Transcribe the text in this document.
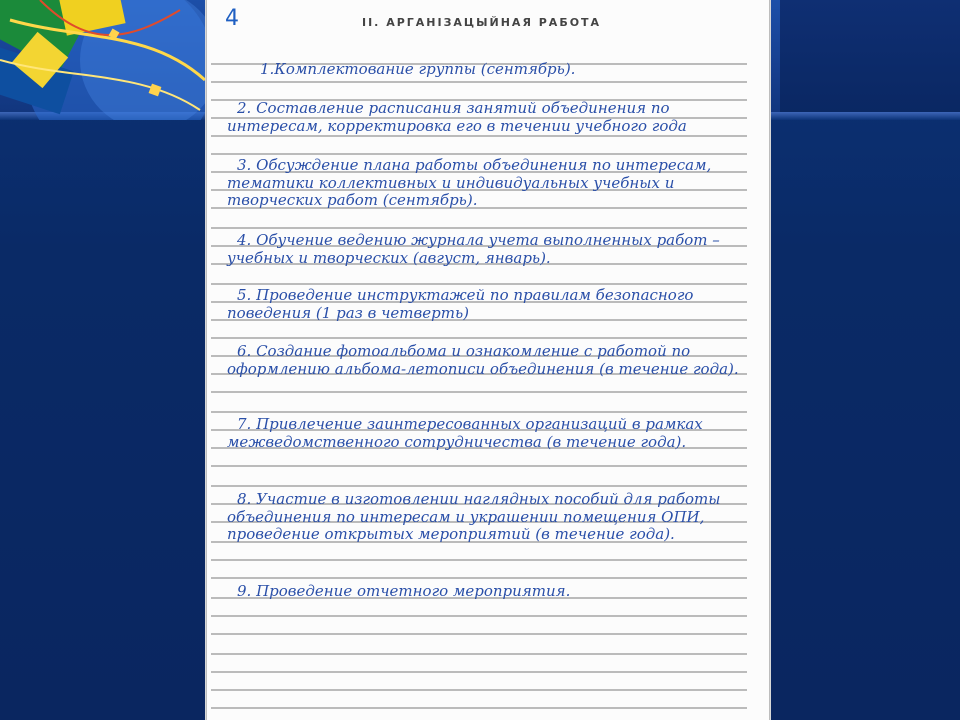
4	II. АРГАНІЗАЦЫЙНАЯ РАБОТА
1.Комплектование группы (сентябрь).
2. Составление расписания занятий объединения по интересам, корректировка его в течении учебного года
3. Обсуждение плана работы объединения по интересам, тематики коллективных и индивидуальных учебных и творческих работ (сентябрь).
4. Обучение ведению журнала учета выполненных работ – учебных и творческих (август, январь).
5. Проведение инструктажей по правилам безопасного поведения (1 раз в четверть)
6. Создание фотоальбома и ознакомление с работой по оформлению альбома-летописи объединения (в течение года).
7. Привлечение заинтересованных организаций в рамках межведомственного сотрудничества (в течение года).
8. Участие в изготовлении наглядных пособий для работы объединения по интересам и украшении помещения ОПИ, проведение открытых мероприятий (в течение года).
9. Проведение отчетного мероприятия.
